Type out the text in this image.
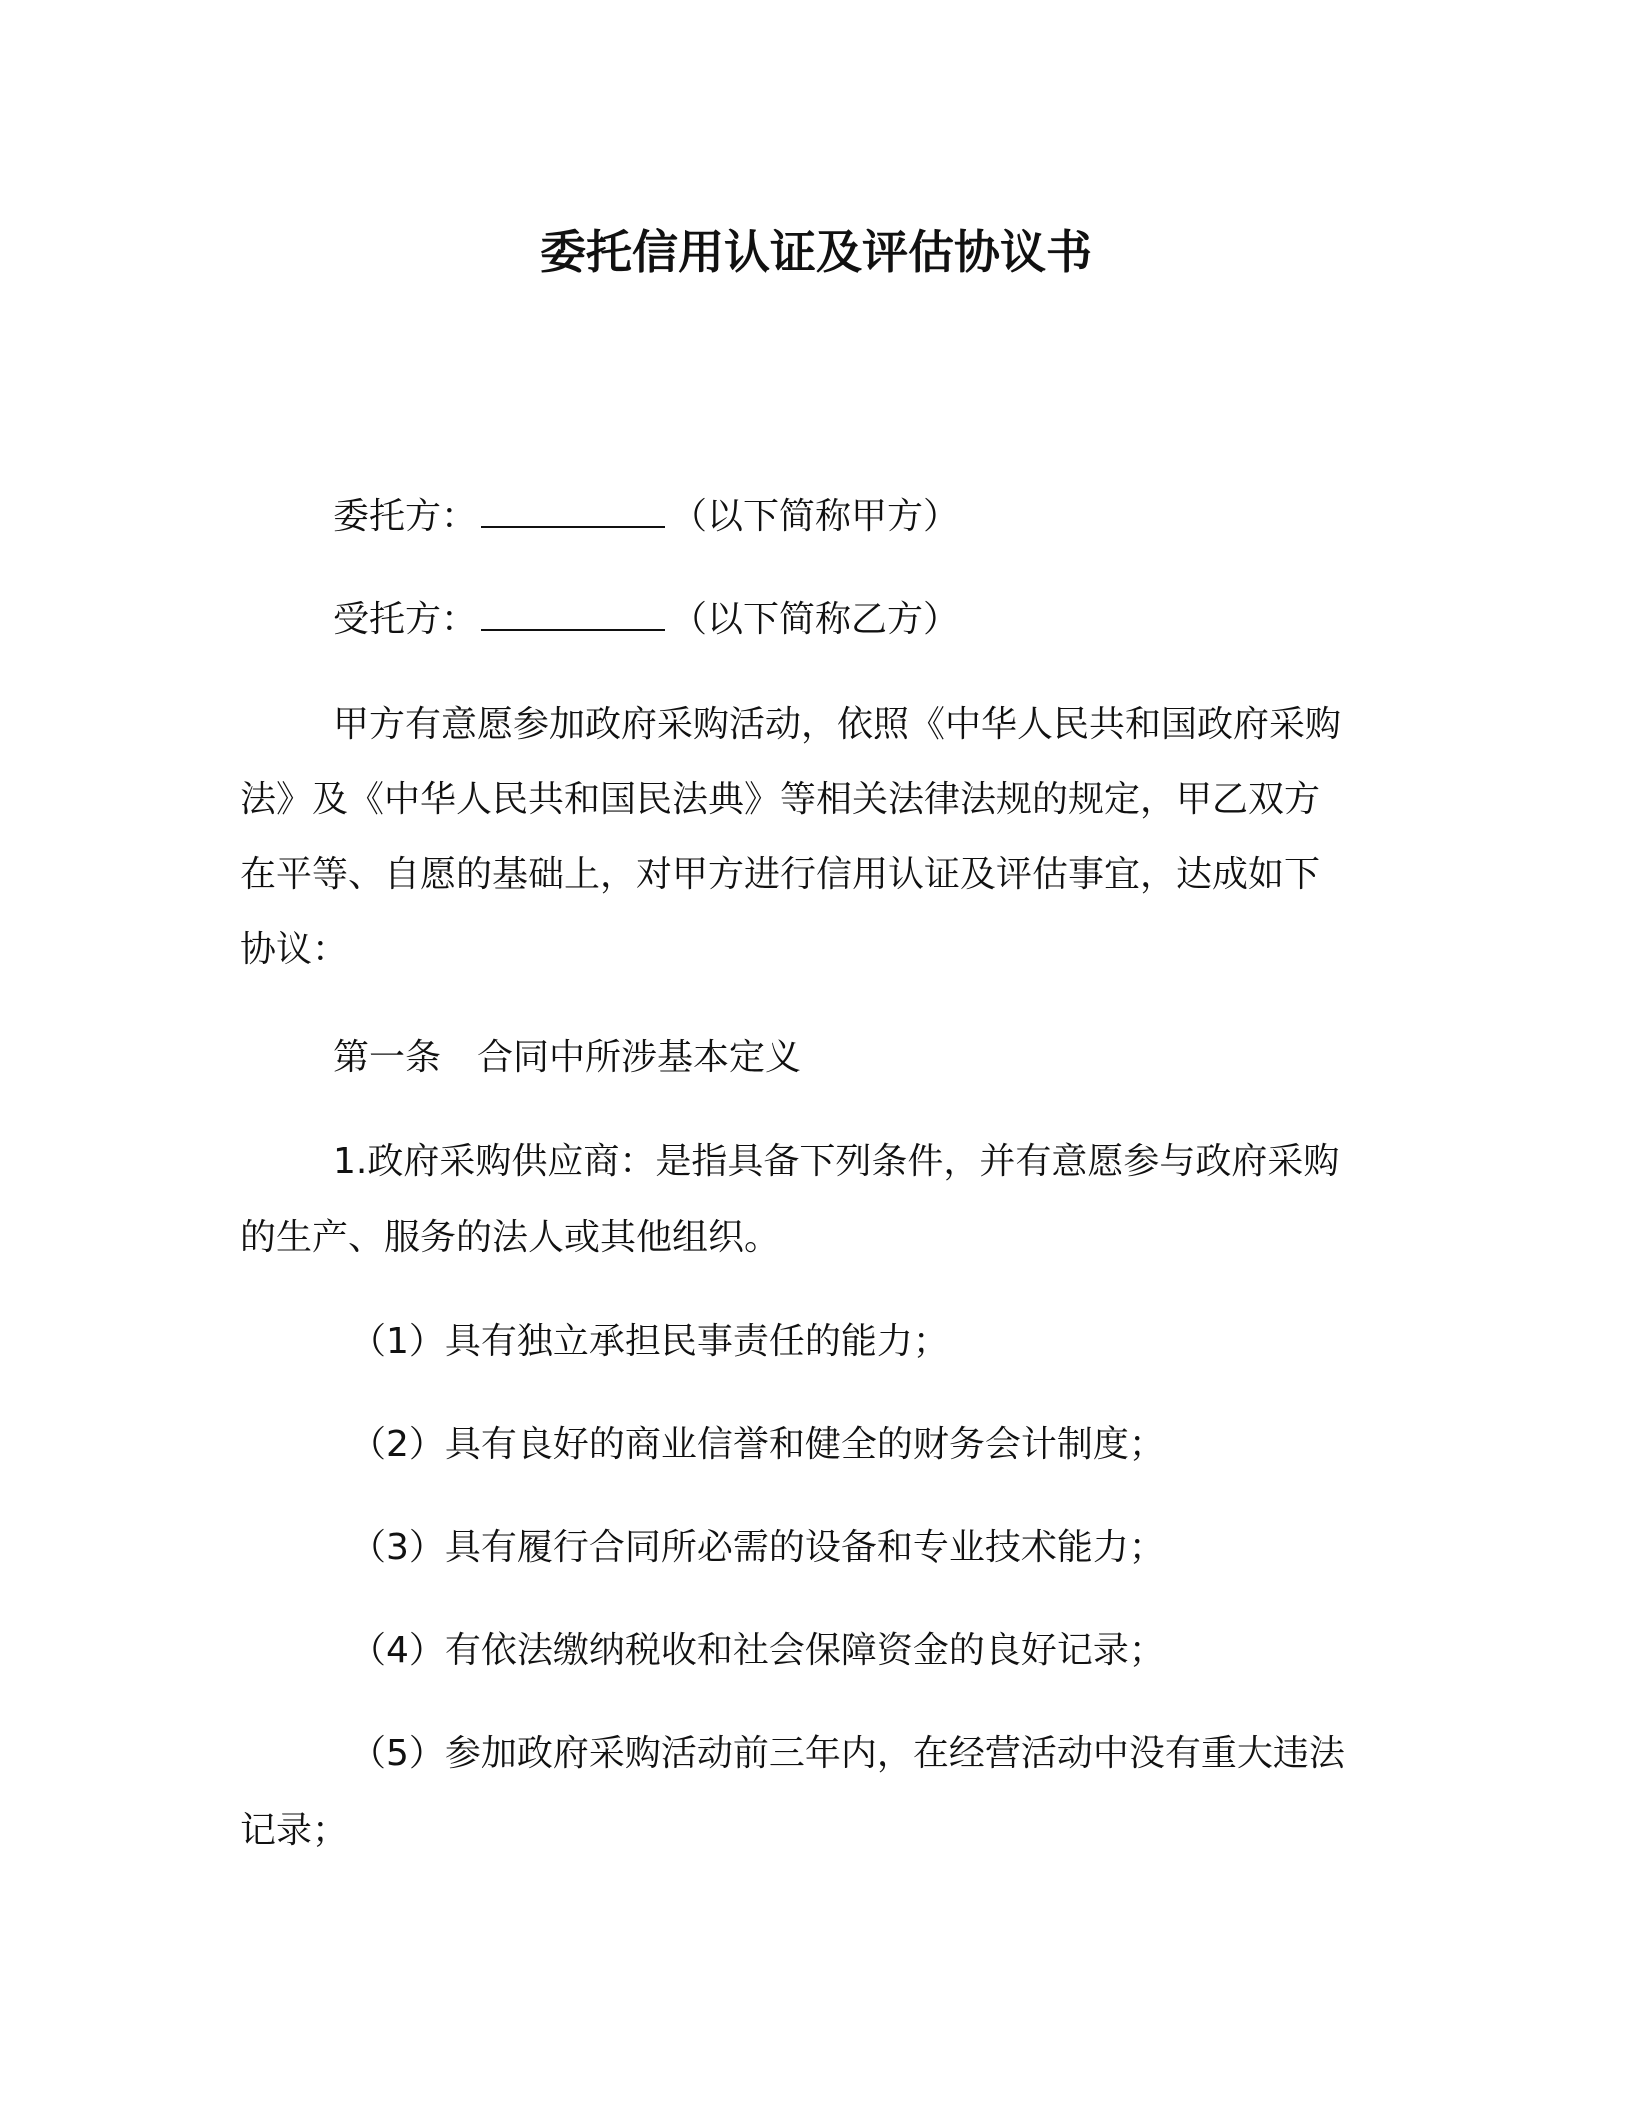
委托信用认证及评估协议书
委托方：	（以下简称甲方）
受托方：	（以下简称乙方）
甲方有意愿参加政府采购活动，依照《中华人民共和国政府采购
法》及《中华人民共和国民法典》等相关法律法规的规定，甲乙双方
在平等、自愿的基础上，对甲方进行信用认证及评估事宜，达成如下
协议：
第一条　合同中所涉基本定义
1.政府采购供应商：是指具备下列条件，并有意愿参与政府采购
的生产、服务的法人或其他组织。
（1）具有独立承担民事责任的能力；
（2）具有良好的商业信誉和健全的财务会计制度；
（3）具有履行合同所必需的设备和专业技术能力；
（4）有依法缴纳税收和社会保障资金的良好记录；
（5）参加政府采购活动前三年内，在经营活动中没有重大违法
记录；
